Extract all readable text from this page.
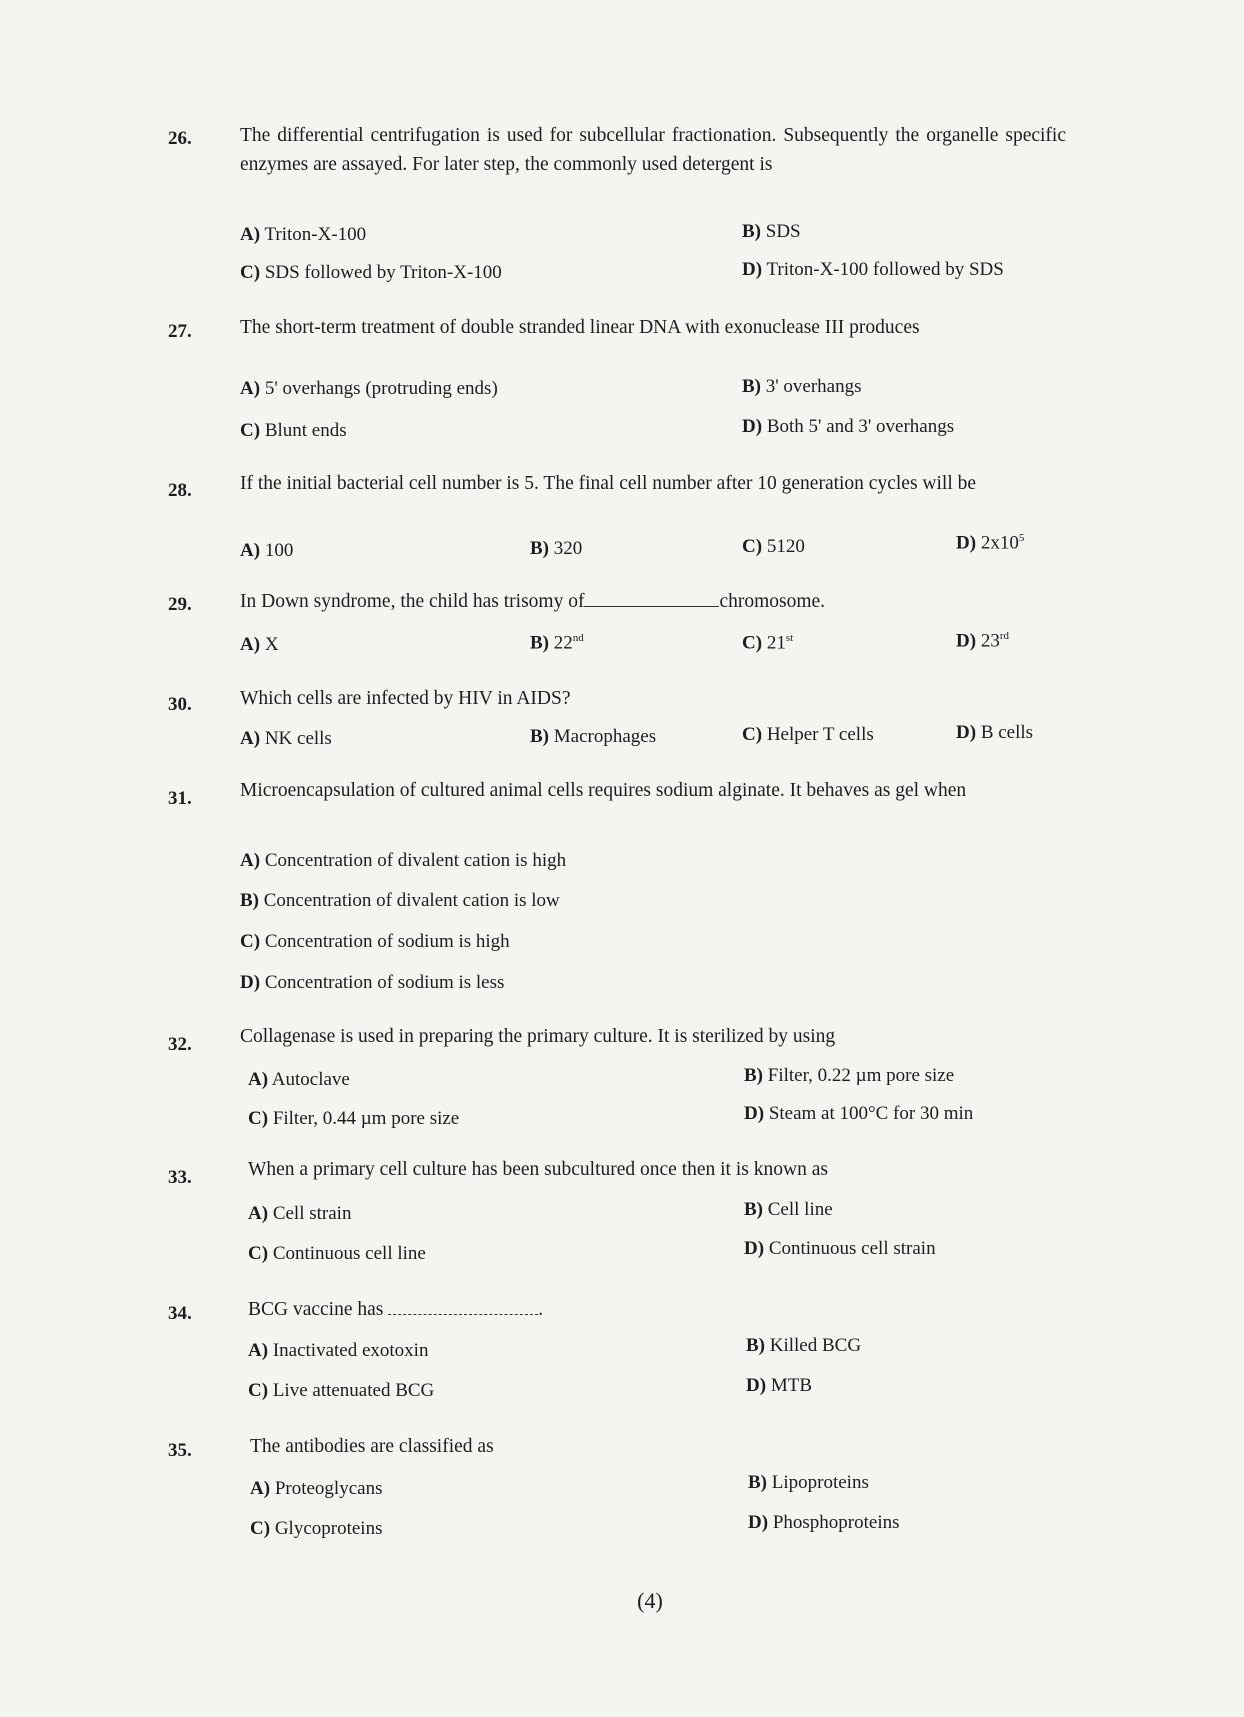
26.	The differential centrifugation is used for subcellular fractionation. Subsequently the organelle specific enzymes are assayed. For later step, the commonly used detergent is
A) Triton-X-100	B) SDS
C) SDS followed by Triton-X-100	D) Triton-X-100 followed by SDS
27.	The short-term treatment of double stranded linear DNA with exonuclease III produces
A) 5' overhangs (protruding ends)	B) 3' overhangs
C) Blunt ends	D) Both 5' and 3' overhangs
28.	If the initial bacterial cell number is 5. The final cell number after 10 generation cycles will be
A) 100	B) 320	C) 5120	D) $2x10^5$
29.	In Down syndrome, the child has trisomy of	chromosome.
A) X	B) 22nd	C) 21st	D) 23rd
30.	Which cells are infected by HIV in AIDS?
A) NK cells	B) Macrophages	C) Helper T cells	D) B cells
31.	Microencapsulation of cultured animal cells requires sodium alginate. It behaves as gel when
A) Concentration of divalent cation is high
B) Concentration of divalent cation is low
C) Concentration of sodium is high
D) Concentration of sodium is less
32.	Collagenase is used in preparing the primary culture. It is sterilized by using
A) Autoclave	B) Filter, 0.22 µm pore size
C) Filter, 0.44 µm pore size	D) Steam at 100°C for 30 min
33.	When a primary cell culture has been subcultured once then it is known as
A) Cell strain	B) Cell line
C) Continuous cell line	D) Continuous cell strain
34.	BCG vaccine has	.
A) Inactivated exotoxin	B) Killed BCG
C) Live attenuated BCG	D) MTB
35.	The antibodies are classified as
A) Proteoglycans	B) Lipoproteins
C) Glycoproteins	D) Phosphoproteins
(4)
